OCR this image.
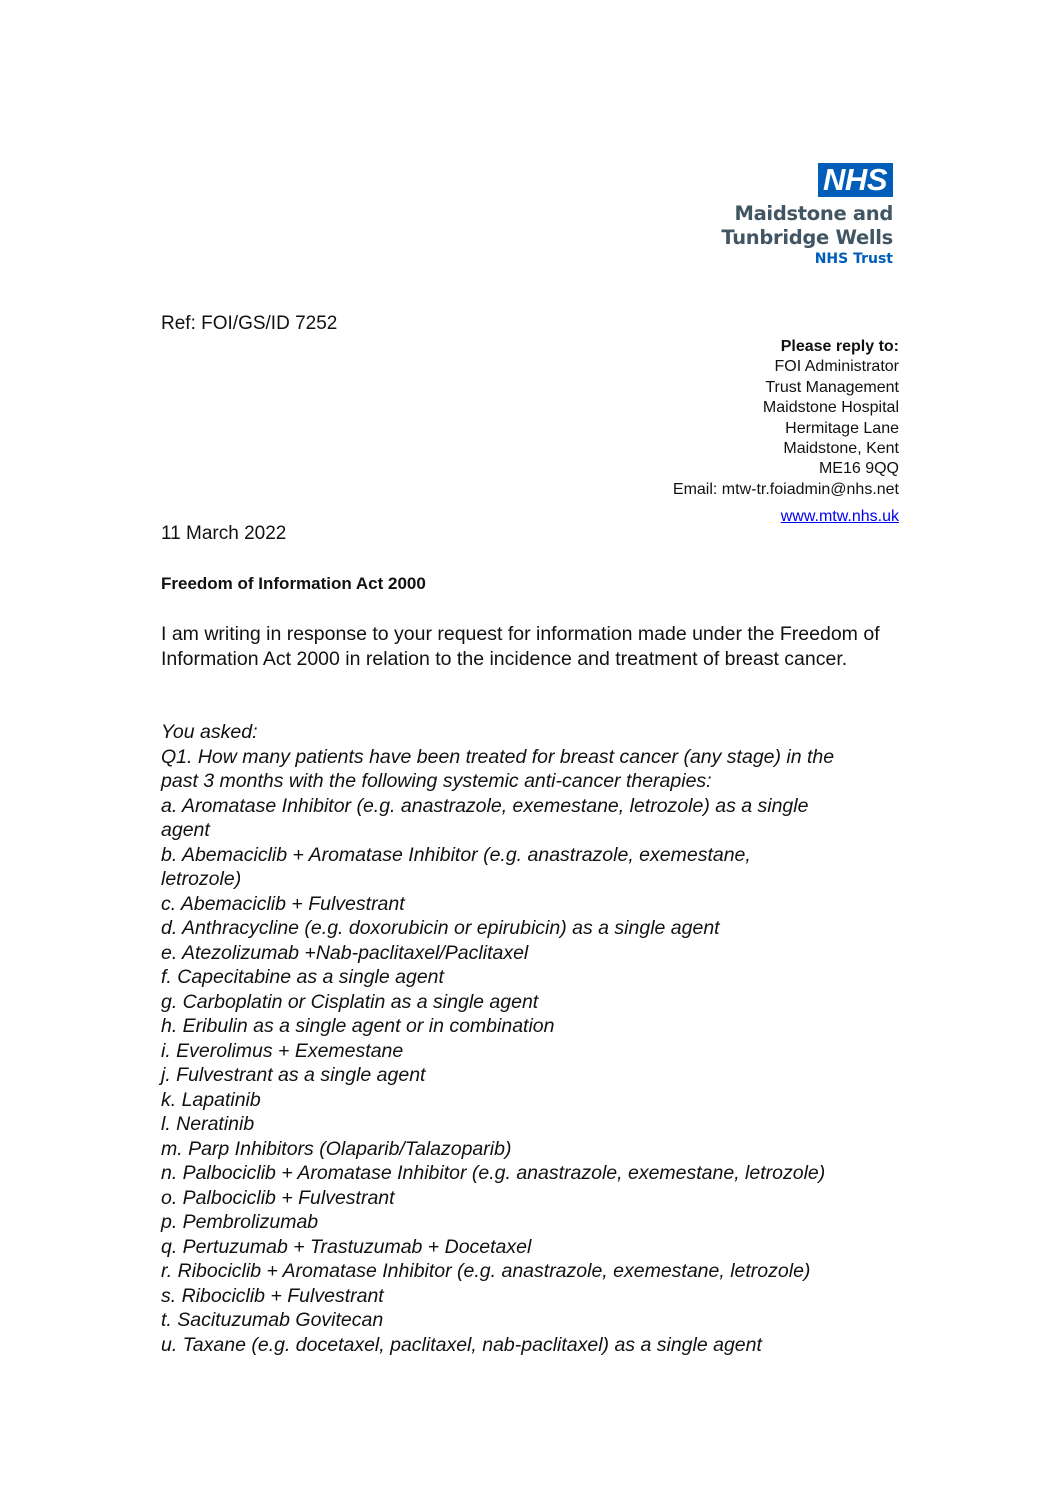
NHS
Maidstone and
Tunbridge Wells
NHS Trust
Ref: FOI/GS/ID 7252
Please reply to:
FOI Administrator
Trust Management
Maidstone Hospital
Hermitage Lane
Maidstone, Kent
ME16 9QQ
Email: mtw-tr.foiadmin@nhs.net
www.mtw.nhs.uk
11 March 2022
Freedom of Information Act 2000

I am writing in response to your request for information made under the Freedom of Information Act 2000 in relation to the incidence and treatment of breast cancer.

You asked:
Q1. How many patients have been treated for breast cancer (any stage) in the
past 3 months with the following systemic anti-cancer therapies:
a. Aromatase Inhibitor (e.g. anastrazole, exemestane, letrozole) as a single
agent
b. Abemaciclib + Aromatase Inhibitor (e.g. anastrazole, exemestane,
letrozole)
c. Abemaciclib + Fulvestrant
d. Anthracycline (e.g. doxorubicin or epirubicin) as a single agent
e. Atezolizumab +Nab-paclitaxel/Paclitaxel
f. Capecitabine as a single agent
g. Carboplatin or Cisplatin as a single agent
h. Eribulin as a single agent or in combination
i. Everolimus + Exemestane
j. Fulvestrant as a single agent
k. Lapatinib
l. Neratinib
m. Parp Inhibitors (Olaparib/Talazoparib)
n. Palbociclib + Aromatase Inhibitor (e.g. anastrazole, exemestane, letrozole)
o. Palbociclib + Fulvestrant
p. Pembrolizumab
q. Pertuzumab + Trastuzumab + Docetaxel
r. Ribociclib + Aromatase Inhibitor (e.g. anastrazole, exemestane, letrozole)
s. Ribociclib + Fulvestrant
t. Sacituzumab Govitecan
u. Taxane (e.g. docetaxel, paclitaxel, nab-paclitaxel) as a single agent
